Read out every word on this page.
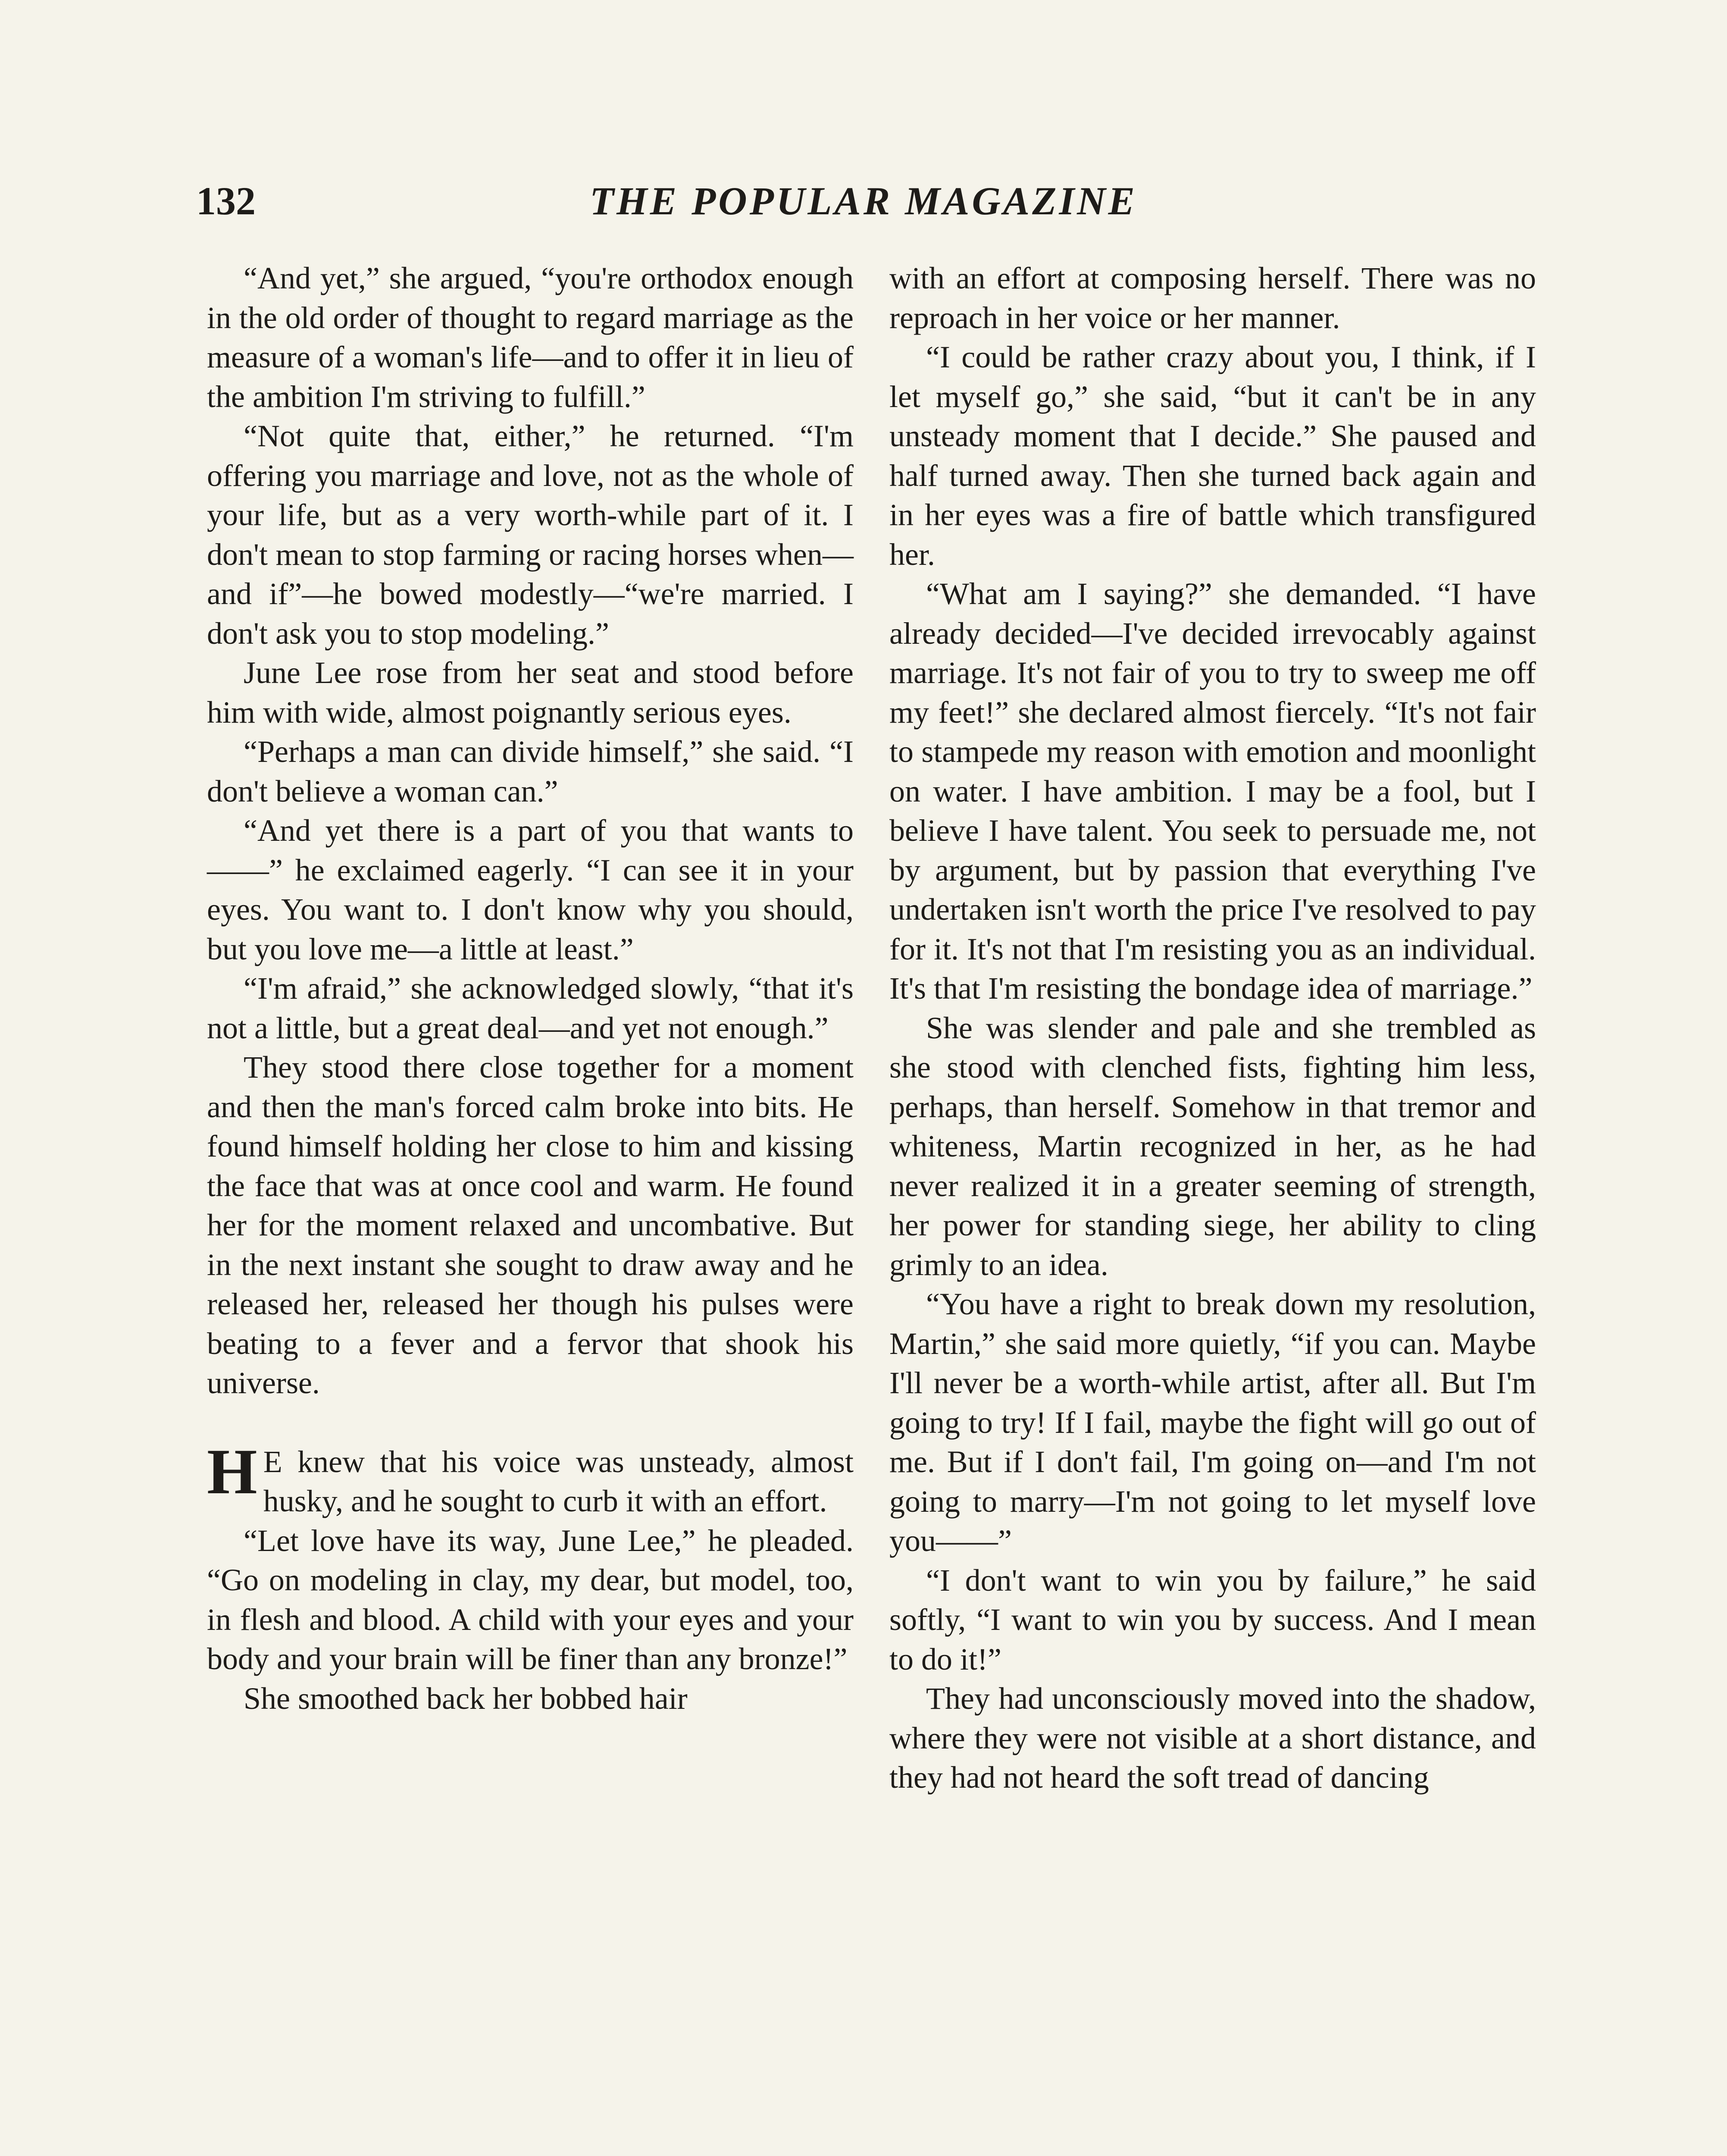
132	THE POPULAR MAGAZINE

“And yet,” she argued, “you're orthodox enough in the old order of thought to regard marriage as the measure of a woman's life—and to offer it in lieu of the ambition I'm striving to fulfill.”

“Not quite that, either,” he returned. “I'm offering you marriage and love, not as the whole of your life, but as a very worth-while part of it. I don't mean to stop farming or racing horses when—and if”—he bowed modestly—“we're married. I don't ask you to stop modeling.”

June Lee rose from her seat and stood before him with wide, almost poignantly serious eyes.

“Perhaps a man can divide himself,” she said. “I don't believe a woman can.”

“And yet there is a part of you that wants to——” he exclaimed eagerly. “I can see it in your eyes. You want to. I don't know why you should, but you love me—a little at least.”

“I'm afraid,” she acknowledged slowly, “that it's not a little, but a great deal—and yet not enough.”

They stood there close together for a moment and then the man's forced calm broke into bits. He found himself holding her close to him and kissing the face that was at once cool and warm. He found her for the moment relaxed and uncombative. But in the next instant she sought to draw away and he released her, released her though his pulses were beating to a fever and a fervor that shook his universe.

H E knew that his voice was unsteady, almost husky, and he sought to curb it with an effort.

“Let love have its way, June Lee,” he pleaded. “Go on modeling in clay, my dear, but model, too, in flesh and blood. A child with your eyes and your body and your brain will be finer than any bronze!”

She smoothed back her bobbed hair

with an effort at composing herself. There was no reproach in her voice or her manner.

“I could be rather crazy about you, I think, if I let myself go,” she said, “but it can't be in any unsteady moment that I decide.” She paused and half turned away. Then she turned back again and in her eyes was a fire of battle which transfigured her.

“What am I saying?” she demanded. “I have already decided—I've decided irrevocably against marriage. It's not fair of you to try to sweep me off my feet!” she declared almost fiercely. “It's not fair to stampede my reason with emotion and moonlight on water. I have ambition. I may be a fool, but I believe I have talent. You seek to persuade me, not by argument, but by passion that everything I've undertaken isn't worth the price I've resolved to pay for it. It's not that I'm resisting you as an individual. It's that I'm resisting the bondage idea of marriage.”

She was slender and pale and she trembled as she stood with clenched fists, fighting him less, perhaps, than herself. Somehow in that tremor and whiteness, Martin recognized in her, as he had never realized it in a greater seeming of strength, her power for standing siege, her ability to cling grimly to an idea.

“You have a right to break down my resolution, Martin,” she said more quietly, “if you can. Maybe I'll never be a worth-while artist, after all. But I'm going to try! If I fail, maybe the fight will go out of me. But if I don't fail, I'm going on—and I'm not going to marry—I'm not going to let myself love you——”

“I don't want to win you by failure,” he said softly, “I want to win you by success. And I mean to do it!”

They had unconsciously moved into the shadow, where they were not visible at a short distance, and they had not heard the soft tread of dancing
